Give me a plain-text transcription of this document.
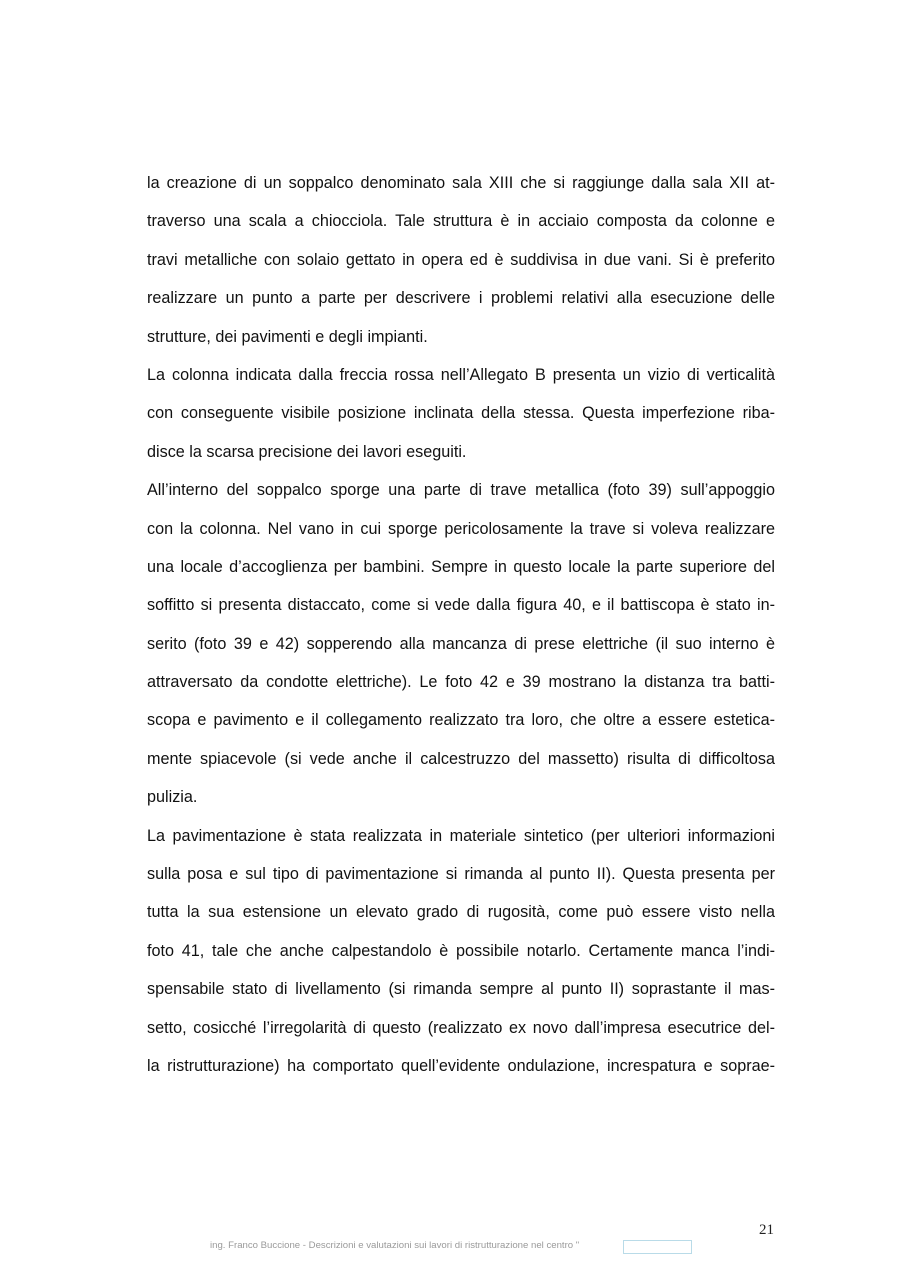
la creazione di un soppalco denominato sala XIII che si raggiunge dalla sala XII at-
traverso una scala a chiocciola. Tale struttura è in acciaio composta da colonne e
travi metalliche con solaio gettato in opera ed è suddivisa in due vani. Si è preferito
realizzare un punto a parte per descrivere i problemi relativi alla esecuzione delle
strutture, dei pavimenti e degli impianti.
La colonna indicata dalla freccia rossa nell’Allegato B presenta un vizio di verticalità
con conseguente visibile posizione inclinata della stessa. Questa imperfezione riba-
disce la scarsa precisione dei lavori eseguiti.
All’interno del soppalco sporge una parte di trave metallica (foto 39) sull’appoggio
con la colonna. Nel vano in cui sporge pericolosamente la trave si voleva realizzare
una locale d’accoglienza per bambini. Sempre in questo locale la parte superiore del
soffitto si presenta distaccato, come si vede dalla figura 40, e il battiscopa è stato in-
serito (foto 39 e 42) sopperendo alla mancanza di prese elettriche (il suo interno è
attraversato da condotte elettriche). Le foto 42 e 39 mostrano la distanza tra batti-
scopa e pavimento e il collegamento realizzato tra loro, che oltre a essere estetica-
mente spiacevole (si vede anche il calcestruzzo del massetto) risulta di difficoltosa
pulizia.
La pavimentazione è stata realizzata in materiale sintetico (per ulteriori informazioni
sulla posa e sul tipo di pavimentazione si rimanda al punto II). Questa presenta per
tutta la sua estensione un elevato grado di rugosità, come può essere visto nella
foto 41, tale che anche calpestandolo è possibile notarlo. Certamente manca l’indi-
spensabile stato di livellamento (si rimanda sempre al punto II) soprastante il mas-
setto, cosicché l’irregolarità di questo (realizzato ex novo dall’impresa esecutrice del-
la ristrutturazione) ha comportato quell’evidente ondulazione, increspatura e soprae-
21
ing. Franco Buccione - Descrizioni e valutazioni sui lavori di ristrutturazione nel centro "
